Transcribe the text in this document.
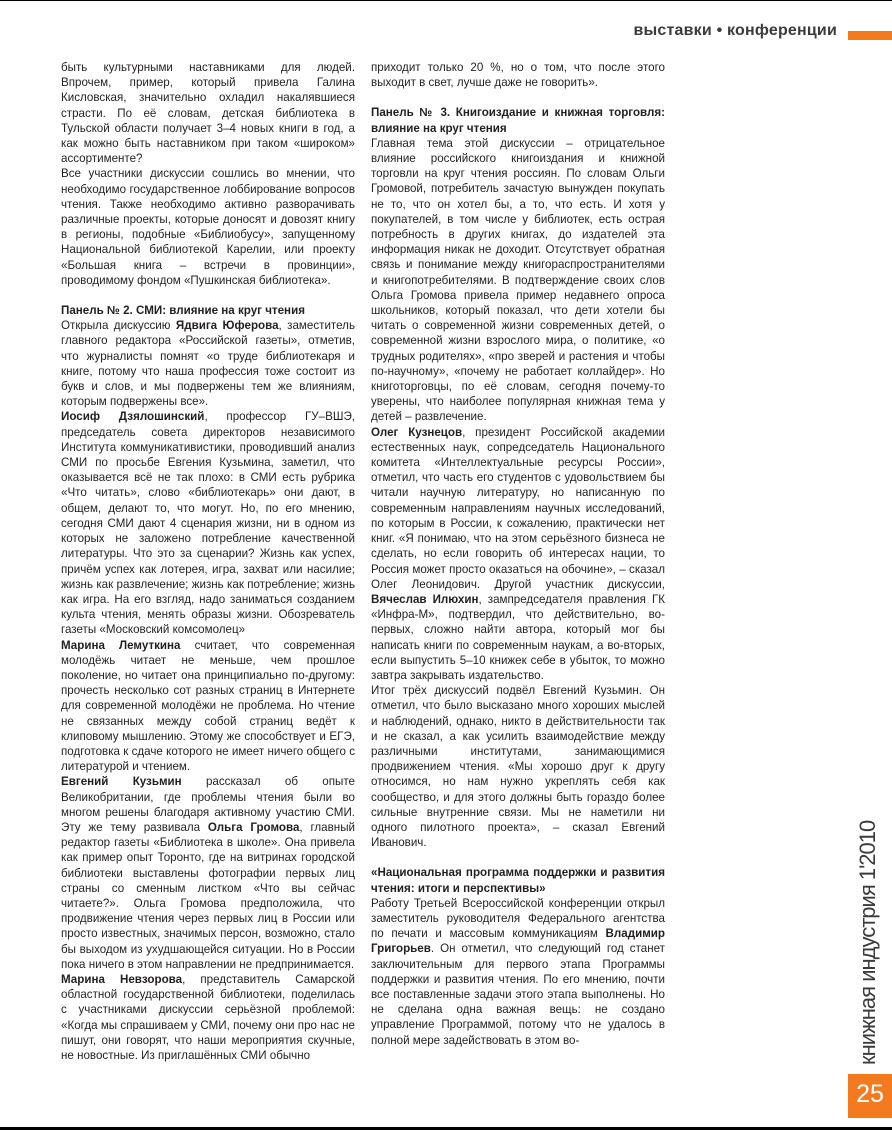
выставки • конференции

быть культурными наставниками для людей. Впрочем, пример, который привела Галина Кисловская, значительно охладил накалявшиеся страсти. По её словам, детская библиотека в Тульской области получает 3–4 новых книги в год, а как можно быть наставником при таком «широком» ассортименте?

Все участники дискуссии сошлись во мнении, что необходимо государственное лоббирование вопросов чтения. Также необходимо активно разворачивать различные проекты, которые доносят и довозят книгу в регионы, подобные «Библиобусу», запущенному Национальной библиотекой Карелии, или проекту «Большая книга – встречи в провинции», проводимому фондом «Пушкинская библиотека».

Панель № 2. СМИ: влияние на круг чтения

Открыла дискуссию Ядвига Юферова, заместитель главного редактора «Российской газеты», отметив, что журналисты помнят «о труде библиотекаря и книге, потому что наша профессия тоже состоит из букв и слов, и мы подвержены тем же влияниям, которым подвержены все».

Иосиф Дзялошинский, профессор ГУ–ВШЭ, председатель совета директоров независимого Института коммуникативистики, проводивший анализ СМИ по просьбе Евгения Кузьмина, заметил, что оказывается всё не так плохо: в СМИ есть рубрика «Что читать», слово «библиотекарь» они дают, в общем, делают то, что могут. Но, по его мнению, сегодня СМИ дают 4 сценария жизни, ни в одном из которых не заложено потребление качественной литературы. Что это за сценарии? Жизнь как успех, причём успех как лотерея, игра, захват или насилие; жизнь как развлечение; жизнь как потребление; жизнь как игра. На его взгляд, надо заниматься созданием культа чтения, менять образы жизни. Обозреватель газеты «Московский комсомолец»

Марина Лемуткина считает, что современная молодёжь читает не меньше, чем прошлое поколение, но читает она принципиально по-другому: прочесть несколько сот разных страниц в Интернете для современной молодёжи не проблема. Но чтение не связанных между собой страниц ведёт к клиповому мышлению. Этому же способствует и ЕГЭ, подготовка к сдаче которого не имеет ничего общего с литературой и чтением.

Евгений Кузьмин рассказал об опыте Великобритании, где проблемы чтения были во многом решены благодаря активному участию СМИ. Эту же тему развивала Ольга Громова, главный редактор газеты «Библиотека в школе». Она привела как пример опыт Торонто, где на витринах городской библиотеки выставлены фотографии первых лиц страны со сменным листком «Что вы сейчас читаете?». Ольга Громова предположила, что продвижение чтения через первых лиц в России или просто известных, значимых персон, возможно, стало бы выходом из ухудшающейся ситуации. Но в России пока ничего в этом направлении не предпринимается.

Марина Невзорова, представитель Самарской областной государственной библиотеки, поделилась с участниками дискуссии серьёзной проблемой: «Когда мы спрашиваем у СМИ, почему они про нас не пишут, они говорят, что наши мероприятия скучные, не новостные. Из приглашённых СМИ обычно

приходит только 20 %, но о том, что после этого выходит в свет, лучше даже не говорить».

Панель № 3. Книгоиздание и книжная торговля: влияние на круг чтения

Главная тема этой дискуссии – отрицательное влияние российского книгоиздания и книжной торговли на круг чтения россиян. По словам Ольги Громовой, потребитель зачастую вынужден покупать не то, что он хотел бы, а то, что есть. И хотя у покупателей, в том числе у библиотек, есть острая потребность в других книгах, до издателей эта информация никак не доходит. Отсутствует обратная связь и понимание между книгораспространителями и книгопотребителями. В подтверждение своих слов Ольга Громова привела пример недавнего опроса школьников, который показал, что дети хотели бы читать о современной жизни современных детей, о современной жизни взрослого мира, о политике, «о трудных родителях», «про зверей и растения и чтобы по-научному», «почему не работает коллайдер». Но книготорговцы, по её словам, сегодня почему-то уверены, что наиболее популярная книжная тема у детей – развлечение.

Олег Кузнецов, президент Российской академии естественных наук, сопредседатель Национального комитета «Интеллектуальные ресурсы России», отметил, что часть его студентов с удовольствием бы читали научную литературу, но написанную по современным направлениям научных исследований, по которым в России, к сожалению, практически нет книг. «Я понимаю, что на этом серьёзного бизнеса не сделать, но если говорить об интересах нации, то Россия может просто оказаться на обочине», – сказал Олег Леонидович. Другой участник дискуссии, Вячеслав Илюхин, зампредседателя правления ГК «Инфра-М», подтвердил, что действительно, во-первых, сложно найти автора, который мог бы написать книги по современным наукам, а во-вторых, если выпустить 5–10 книжек себе в убыток, то можно завтра закрывать издательство.

Итог трёх дискуссий подвёл Евгений Кузьмин. Он отметил, что было высказано много хороших мыслей и наблюдений, однако, никто в действительности так и не сказал, а как усилить взаимодействие между различными институтами, занимающимися продвижением чтения. «Мы хорошо друг к другу относимся, но нам нужно укреплять себя как сообщество, и для этого должны быть гораздо более сильные внутренние связи. Мы не наметили ни одного пилотного проекта», – сказал Евгений Иванович.

«Национальная программа поддержки и развития чтения: итоги и перспективы»

Работу Третьей Всероссийской конференции открыл заместитель руководителя Федерального агентства по печати и массовым коммуникациям Владимир Григорьев. Он отметил, что следующий год станет заключительным для первого этапа Программы поддержки и развития чтения. По его мнению, почти все поставленные задачи этого этапа выполнены. Но не сделана одна важная вещь: не создано управление Программой, потому что не удалось в полной мере задействовать в этом во-	книжная индустрия 1'2010
25
